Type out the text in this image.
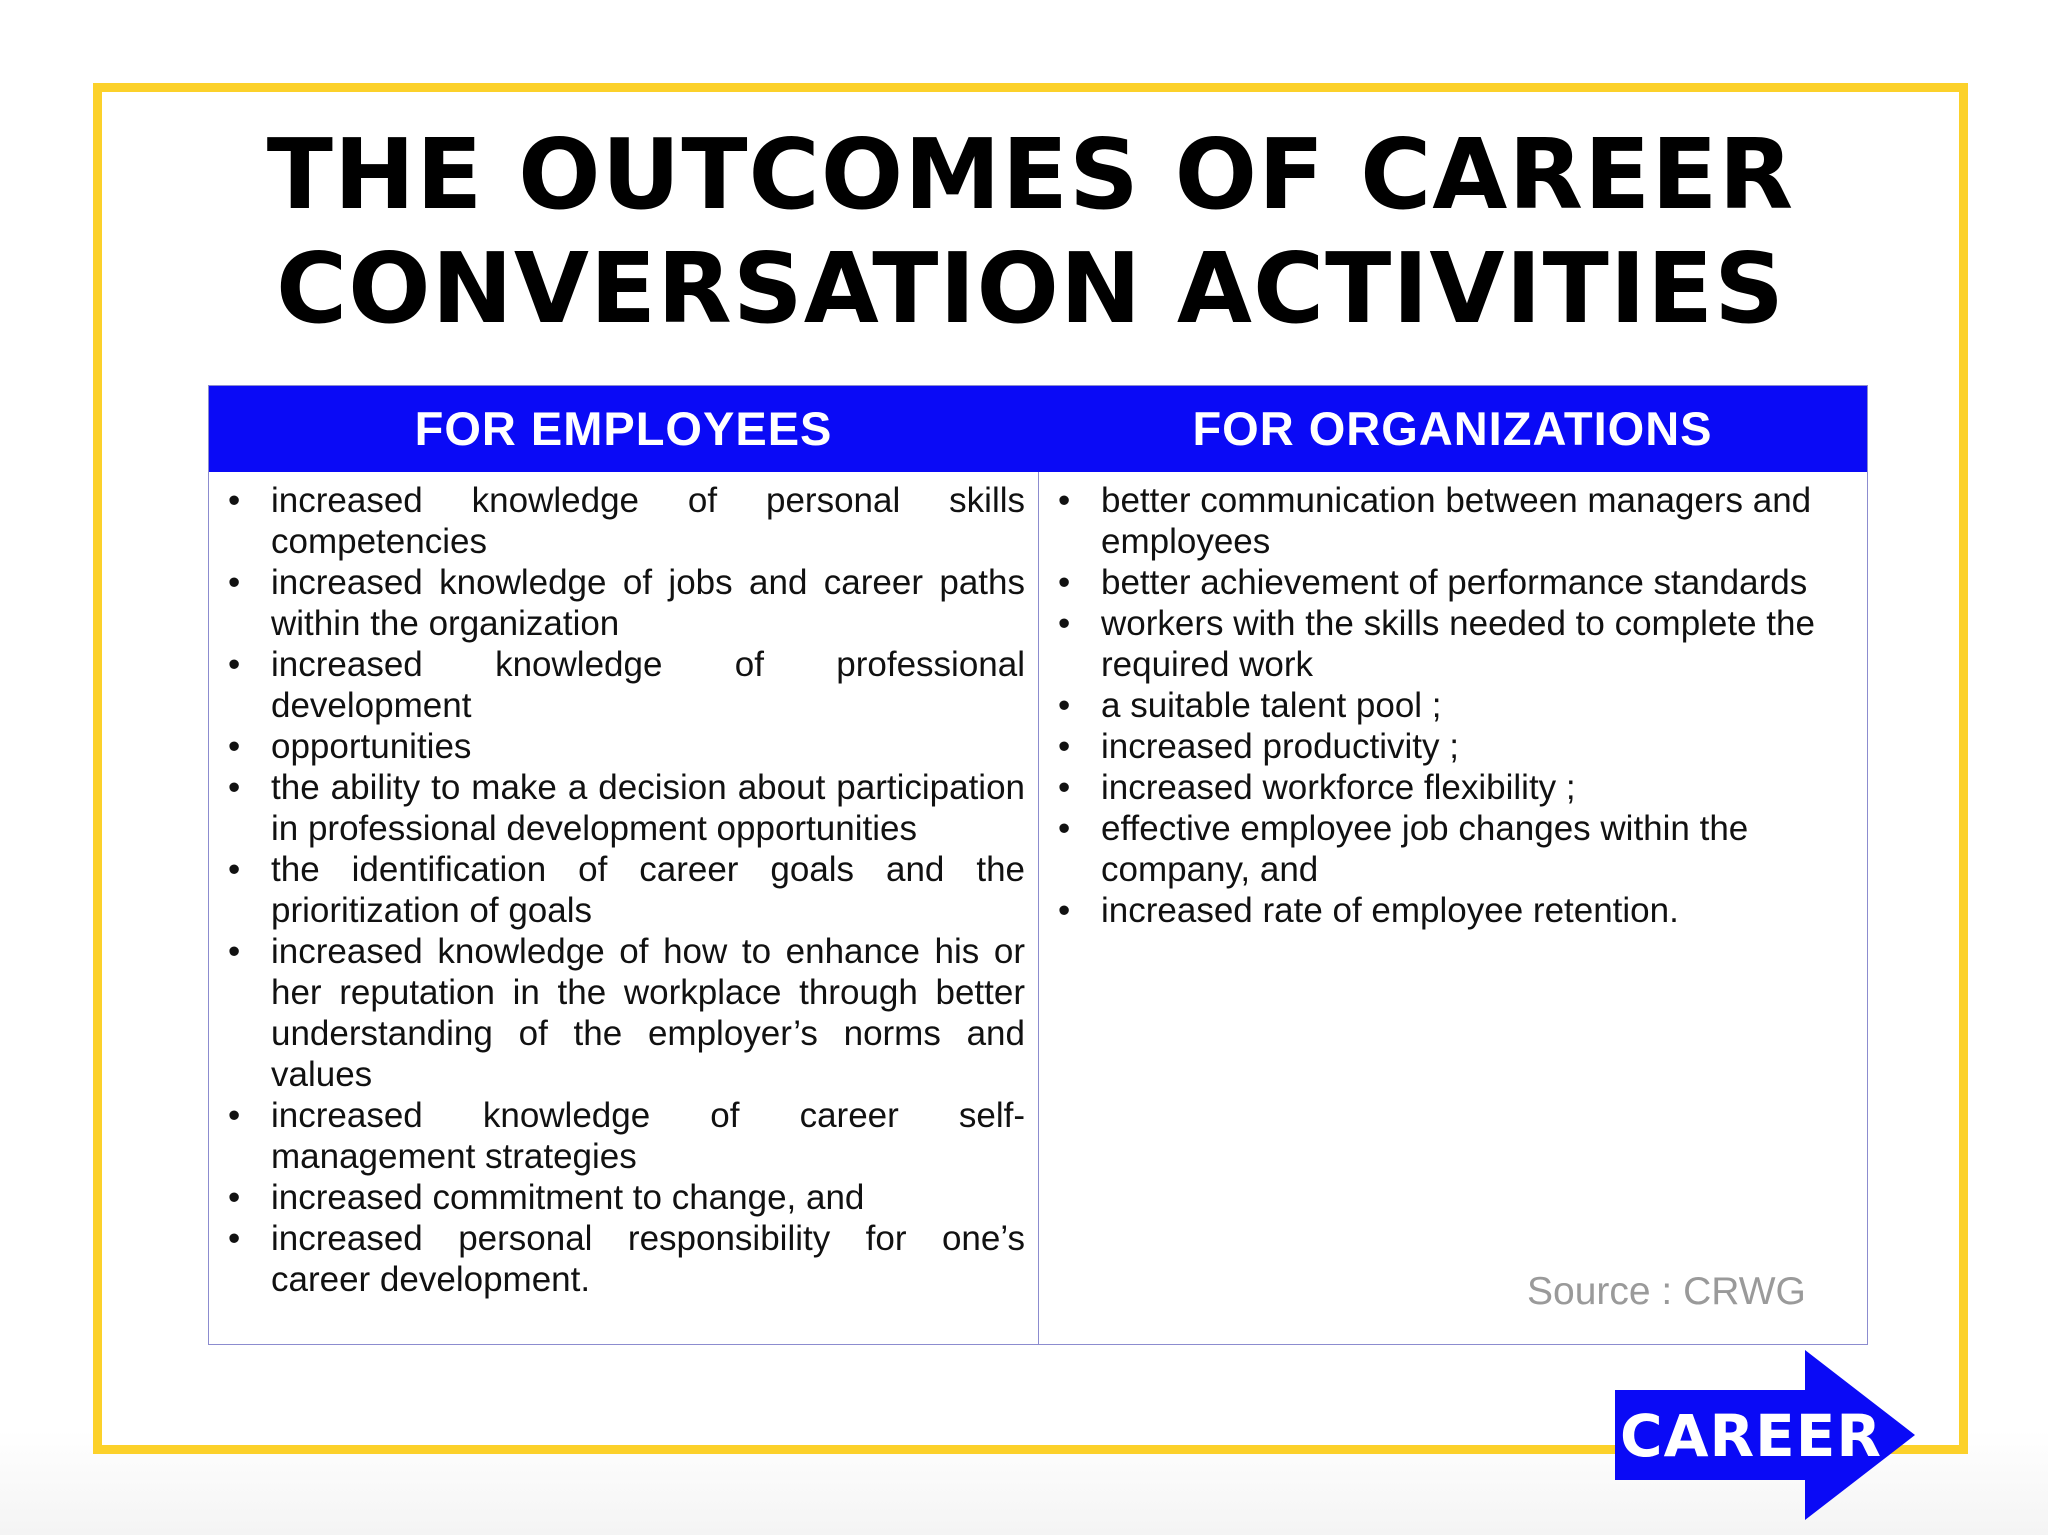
THE OUTCOMES OF CAREER
CONVERSATION ACTIVITIES
FOR EMPLOYEES	FOR ORGANIZATIONS
• increased knowledge of personal skills competencies
• increased knowledge of jobs and career paths within the organization
• increased knowledge of professional development
• opportunities
• the ability to make a decision about participation in professional development opportunities
• the identification of career goals and the prioritization of goals
• increased knowledge of how to enhance his or her reputation in the workplace through better understanding of the employer’s norms and values
• increased knowledge of career self-management strategies
• increased commitment to change, and
• increased personal responsibility for one’s career development.
• better communication between managers and employees
• better achievement of performance standards
• workers with the skills needed to complete the required work
• a suitable talent pool ;
• increased productivity ;
• increased workforce flexibility ;
• effective employee job changes within the company, and
• increased rate of employee retention.
Source : CRWG
CAREER
